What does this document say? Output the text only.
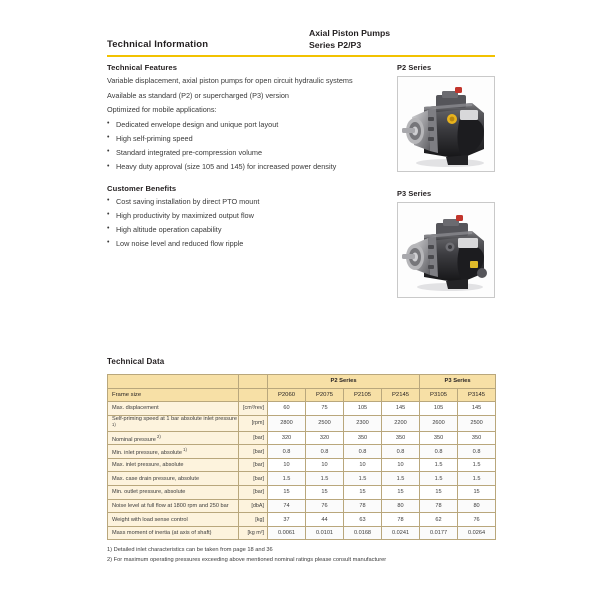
Technical Information
Axial Piston Pumps
Series P2/P3
Technical Features

Variable displacement, axial piston pumps for open circuit hydraulic systems

Available as standard (P2) or supercharged (P3) version

Optimized for mobile applications:

• Dedicated envelope design and unique port layout
• High self-priming speed
• Standard integrated pre-compression volume
• Heavy duty approval (size 105 and 145) for increased power density
Customer Benefits
• Cost saving installation by direct PTO mount
• High productivity by maximized output flow
• High altitude operation capability
• Low noise level and reduced flow ripple
P2 Series
P3 Series
Technical Data
		P2 Series				P3 Series	
Frame size		P2060	P2075	P2105	P2145	P3105	P3145
Max. displacement	[cm³/rev]	60	75	105	145	105	145
Self-priming speed at 1 bar absolute inlet pressure $^{1)}$	[rpm]	2800	2500	2300	2200	2600	2500
Nominal pressure $^{2)}$	[bar]	320	320	350	350	350	350
Min. inlet pressure, absolute $^{1)}$	[bar]	0.8	0.8	0.8	0.8	0.8	0.8
Max. inlet pressure, absolute	[bar]	10	10	10	10	1.5	1.5
Max. case drain pressure, absolute	[bar]	1.5	1.5	1.5	1.5	1.5	1.5
Min. outlet pressure, absolute	[bar]	15	15	15	15	15	15
Noise level at full flow at 1800 rpm and 250 bar	[dbA]	74	76	78	80	78	80
Weight with load sense control	[kg]	37	44	63	78	62	76
Mass moment of inertia (at axis of shaft)	[kg m²]	0.0061	0.0101	0.0168	0.0241	0.0177	0.0264

1) Detailed inlet characteristics can be taken from page 18 and 36

2) For maximum operating pressures exceeding above mentioned nominal ratings please consult manufacturer
